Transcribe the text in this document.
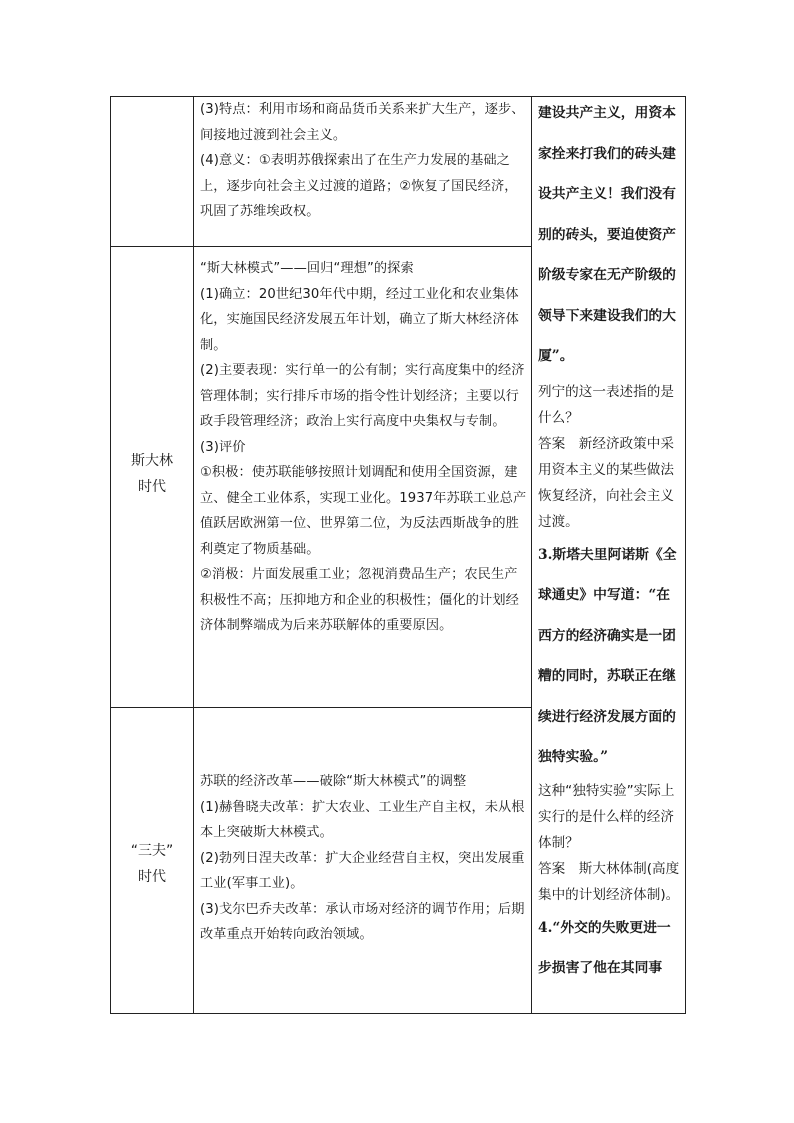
(3)特点：利用市场和商品货币关系来扩大生产，逐步、间接地过渡到社会主义。

(4)意义：①表明苏俄探索出了在生产力发展的基础之上，逐步向社会主义过渡的道路；②恢复了国民经济，巩固了苏维埃政权。

斯大林
时代

“斯大林模式”——回归“理想”的探索

(1)确立：20世纪30年代中期，经过工业化和农业集体化，实施国民经济发展五年计划，确立了斯大林经济体制。

(2)主要表现：实行单一的公有制；实行高度集中的经济管理体制；实行排斥市场的指令性计划经济；主要以行政手段管理经济；政治上实行高度中央集权与专制。

(3)评价

①积极：使苏联能够按照计划调配和使用全国资源，建立、健全工业体系，实现工业化。1937年苏联工业总产值跃居欧洲第一位、世界第二位，为反法西斯战争的胜利奠定了物质基础。

②消极：片面发展重工业；忽视消费品生产；农民生产积极性不高；压抑地方和企业的积极性；僵化的计划经济体制弊端成为后来苏联解体的重要原因。

“三夫”
时代

苏联的经济改革——破除“斯大林模式”的调整

(1)赫鲁晓夫改革：扩大农业、工业生产自主权，未从根本上突破斯大林模式。

(2)勃列日涅夫改革：扩大企业经营自主权，突出发展重工业(军事工业)。

(3)戈尔巴乔夫改革：承认市场对经济的调节作用；后期改革重点开始转向政治领域。

建设共产主义，用资本家拴来打我们的砖头建设共产主义！我们没有别的砖头，要迫使资产阶级专家在无产阶级的领导下来建设我们的大厦”。

列宁的这一表述指的是什么？

答案　新经济政策中采用资本主义的某些做法恢复经济，向社会主义过渡。

3.斯塔夫里阿诺斯《全球通史》中写道：“在西方的经济确实是一团糟的同时，苏联正在继续进行经济发展方面的独特实验。”

这种“独特实验”实际上实行的是什么样的经济体制？

答案　斯大林体制(高度集中的计划经济体制)。

4.“外交的失败更进一步损害了他在其同事
